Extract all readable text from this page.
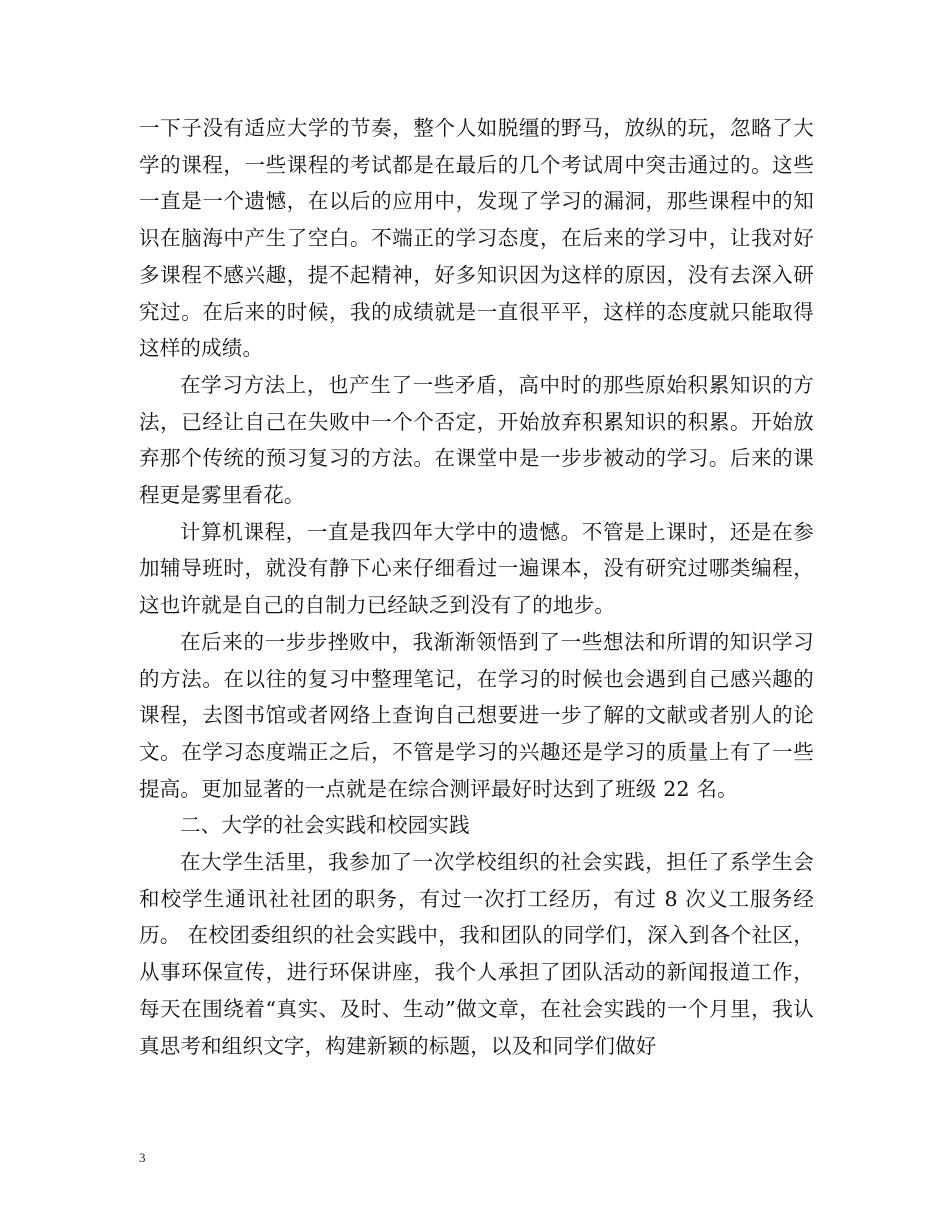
一下子没有适应大学的节奏，整个人如脱缰的野马，放纵的玩，忽略了大学的课程，一些课程的考试都是在最后的几个考试周中突击通过的。这些一直是一个遗憾，在以后的应用中，发现了学习的漏洞，那些课程中的知识在脑海中产生了空白。不端正的学习态度，在后来的学习中，让我对好多课程不感兴趣，提不起精神，好多知识因为这样的原因，没有去深入研究过。在后来的时候，我的成绩就是一直很平平，这样的态度就只能取得这样的成绩。

在学习方法上，也产生了一些矛盾，高中时的那些原始积累知识的方法，已经让自己在失败中一个个否定，开始放弃积累知识的积累。开始放弃那个传统的预习复习的方法。在课堂中是一步步被动的学习。后来的课程更是雾里看花。

计算机课程，一直是我四年大学中的遗憾。不管是上课时，还是在参加辅导班时，就没有静下心来仔细看过一遍课本，没有研究过哪类编程，这也许就是自己的自制力已经缺乏到没有了的地步。

在后来的一步步挫败中，我渐渐领悟到了一些想法和所谓的知识学习的方法。在以往的复习中整理笔记，在学习的时候也会遇到自己感兴趣的课程，去图书馆或者网络上查询自己想要进一步了解的文献或者别人的论文。在学习态度端正之后，不管是学习的兴趣还是学习的质量上有了一些提高。更加显著的一点就是在综合测评最好时达到了班级 22 名。

二、大学的社会实践和校园实践

在大学生活里，我参加了一次学校组织的社会实践，担任了系学生会和校学生通讯社社团的职务，有过一次打工经历，有过 8 次义工服务经历。 在校团委组织的社会实践中，我和团队的同学们，深入到各个社区，从事环保宣传，进行环保讲座，我个人承担了团队活动的新闻报道工作，每天在围绕着“真实、及时、生动”做文章，在社会实践的一个月里，我认真思考和组织文字，构建新颖的标题，以及和同学们做好

3
